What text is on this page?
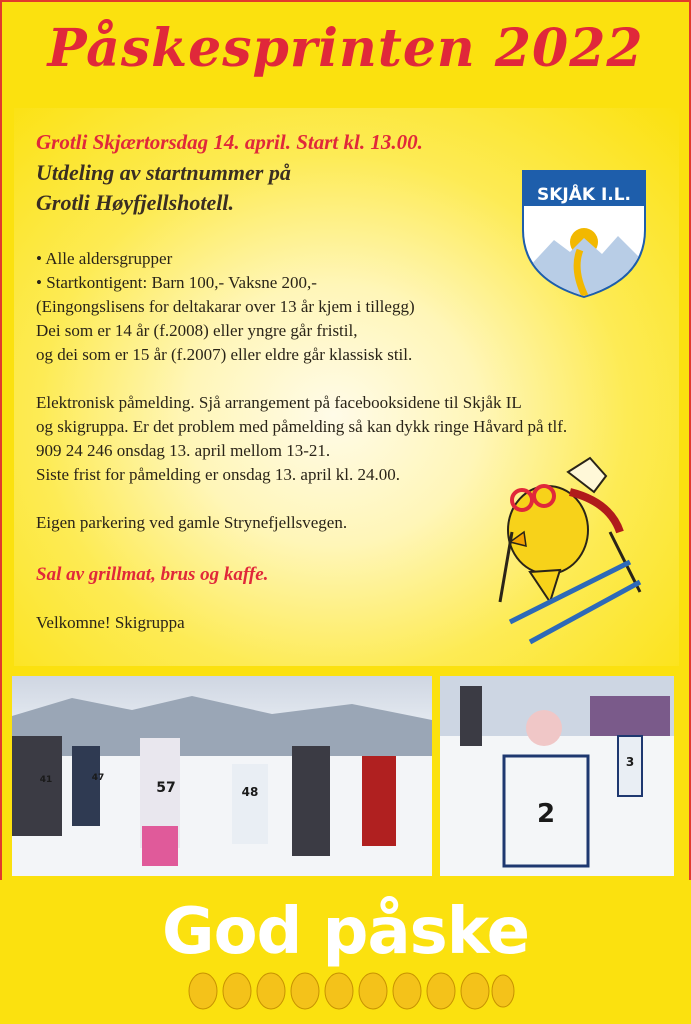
Påskesprinten 2022
Grotli Skjærtorsdag 14. april. Start kl. 13.00.
Utdeling av startnummer på
Grotli Høyfjellshotell.
• Alle aldersgrupper
• Startkontigent: Barn 100,- Vaksne 200,-
(Eingongslisens for deltakarar over 13 år kjem i tillegg)
Dei som er 14 år (f.2008) eller yngre går fristil,
og dei som er 15 år (f.2007) eller eldre går klassisk stil.
Elektronisk påmelding. Sjå arrangement på facebooksidene til Skjåk IL
og skigruppa. Er det problem med påmelding så kan dykk ringe Håvard på tlf.
909 24 246 onsdag 13. april mellom 13-21.
Siste frist for påmelding er onsdag 13. april kl. 24.00.
Eigen parkering ved gamle Strynefjellsvegen.
Sal av grillmat, brus og kaffe.
Velkomne! Skigruppa
SKJÅK I.L.
57	48
41	47
2
3
God påske
